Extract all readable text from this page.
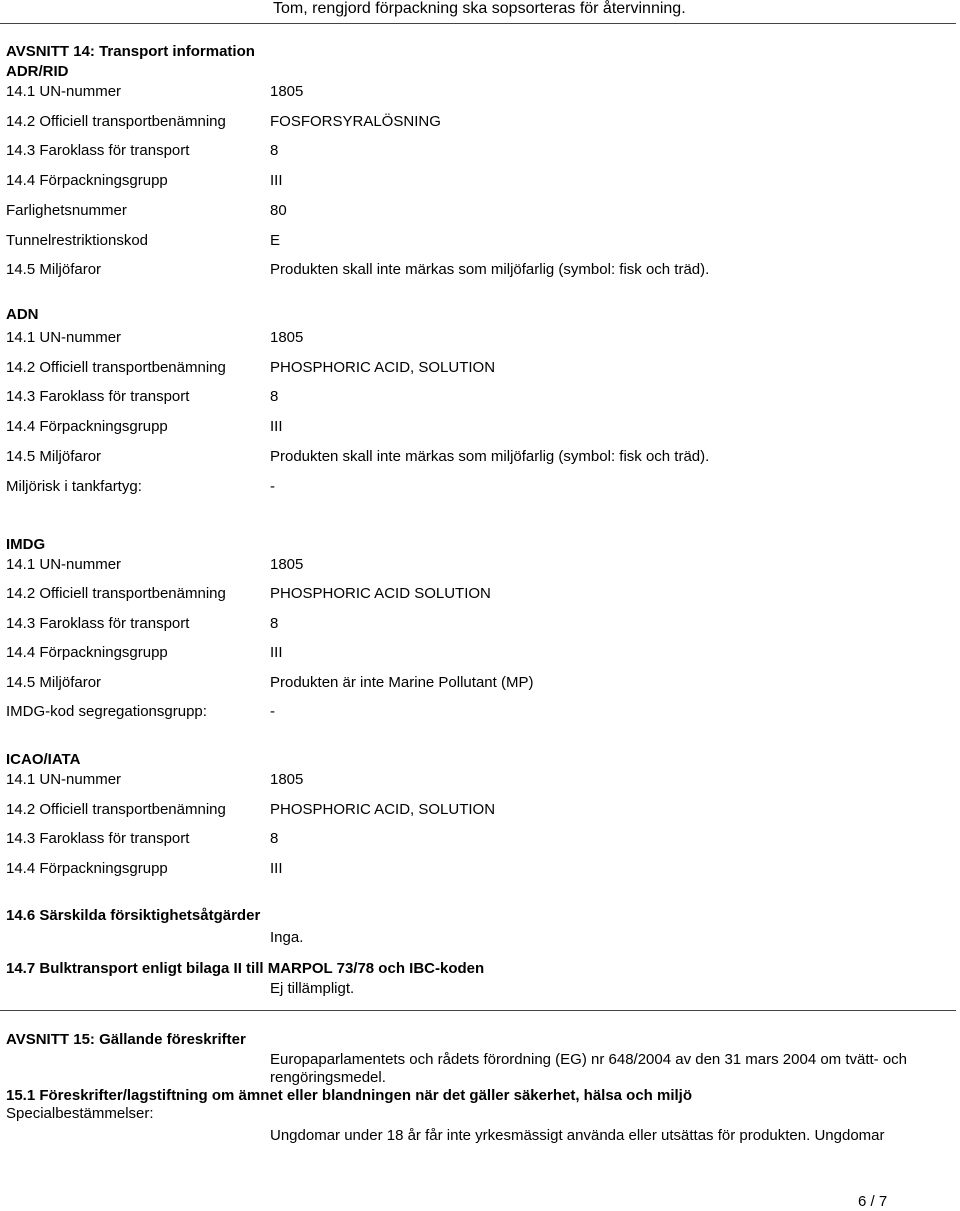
Tom, rengjord förpackning ska sopsorteras för återvinning.
AVSNITT 14: Transport information
ADR/RID
14.1 UN-nummer	1805
14.2 Officiell transportbenämning	FOSFORSYRALÖSNING
14.3 Faroklass för transport	8
14.4 Förpackningsgrupp	III
Farlighetsnummer	80
Tunnelrestriktionskod	E
14.5 Miljöfaror	Produkten skall inte märkas som miljöfarlig (symbol: fisk och träd).
ADN
14.1 UN-nummer	1805
14.2 Officiell transportbenämning	PHOSPHORIC ACID, SOLUTION
14.3 Faroklass för transport	8
14.4 Förpackningsgrupp	III
14.5 Miljöfaror	Produkten skall inte märkas som miljöfarlig (symbol: fisk och träd).
Miljörisk i tankfartyg:	-
IMDG
14.1 UN-nummer	1805
14.2 Officiell transportbenämning	PHOSPHORIC ACID SOLUTION
14.3 Faroklass för transport	8
14.4 Förpackningsgrupp	III
14.5 Miljöfaror	Produkten är inte Marine Pollutant (MP)
IMDG-kod segregationsgrupp:	-
ICAO/IATA
14.1 UN-nummer	1805
14.2 Officiell transportbenämning	PHOSPHORIC ACID, SOLUTION
14.3 Faroklass för transport	8
14.4 Förpackningsgrupp	III
14.6 Särskilda försiktighetsåtgärder
Inga.
14.7 Bulktransport enligt bilaga II till MARPOL 73/78 och IBC-koden
Ej tillämpligt.
AVSNITT 15: Gällande föreskrifter
Europaparlamentets och rådets förordning (EG) nr 648/2004 av den 31 mars 2004 om tvätt- och
rengöringsmedel.
15.1 Föreskrifter/lagstiftning om ämnet eller blandningen när det gäller säkerhet, hälsa och miljö
Specialbestämmelser:
Ungdomar under 18 år får inte yrkesmässigt använda eller utsättas för produkten. Ungdomar
6 / 7
